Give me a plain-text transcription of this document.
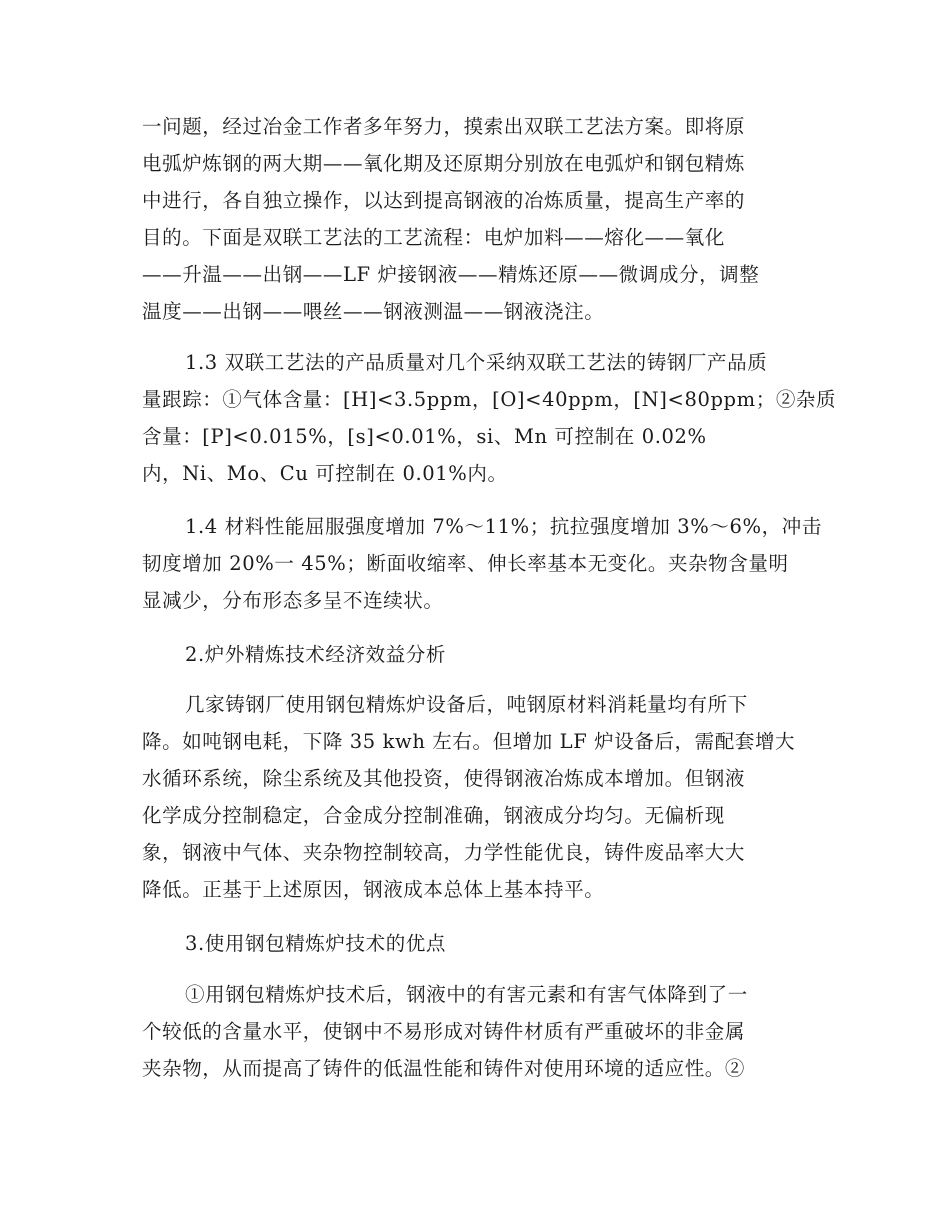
一问题，经过冶金工作者多年努力，摸索出双联工艺法方案。即将原

电弧炉炼钢的两大期——氧化期及还原期分别放在电弧炉和钢包精炼

中进行，各自独立操作，以达到提高钢液的冶炼质量，提高生产率的

目的。下面是双联工艺法的工艺流程：电炉加料——熔化——氧化

——升温——出钢——LF 炉接钢液——精炼还原——微调成分，调整

温度——出钢——喂丝——钢液测温——钢液浇注。

1.3 双联工艺法的产品质量对几个采纳双联工艺法的铸钢厂产品质

量跟踪：①气体含量：[H]<3.5ppm，[O]<40ppm，[N]<80ppm；②杂质

含量：[P]<0.015%，[s]<0.01%，si、Mn 可控制在 0.02%

内，Ni、Mo、Cu 可控制在 0.01%内。

1.4 材料性能屈服强度增加 7%～11%；抗拉强度增加 3%～6%，冲击

韧度增加 20%一 45%；断面收缩率、伸长率基本无变化。夹杂物含量明

显减少，分布形态多呈不连续状。

2.炉外精炼技术经济效益分析

几家铸钢厂使用钢包精炼炉设备后，吨钢原材料消耗量均有所下

降。如吨钢电耗，下降 35 kwh 左右。但增加 LF 炉设备后，需配套增大

水循环系统，除尘系统及其他投资，使得钢液冶炼成本增加。但钢液

化学成分控制稳定，合金成分控制准确，钢液成分均匀。无偏析现

象，钢液中气体、夹杂物控制较高，力学性能优良，铸件废品率大大

降低。正基于上述原因，钢液成本总体上基本持平。

3.使用钢包精炼炉技术的优点

①用钢包精炼炉技术后，钢液中的有害元素和有害气体降到了一

个较低的含量水平，使钢中不易形成对铸件材质有严重破坏的非金属

夹杂物，从而提高了铸件的低温性能和铸件对使用环境的适应性。②
